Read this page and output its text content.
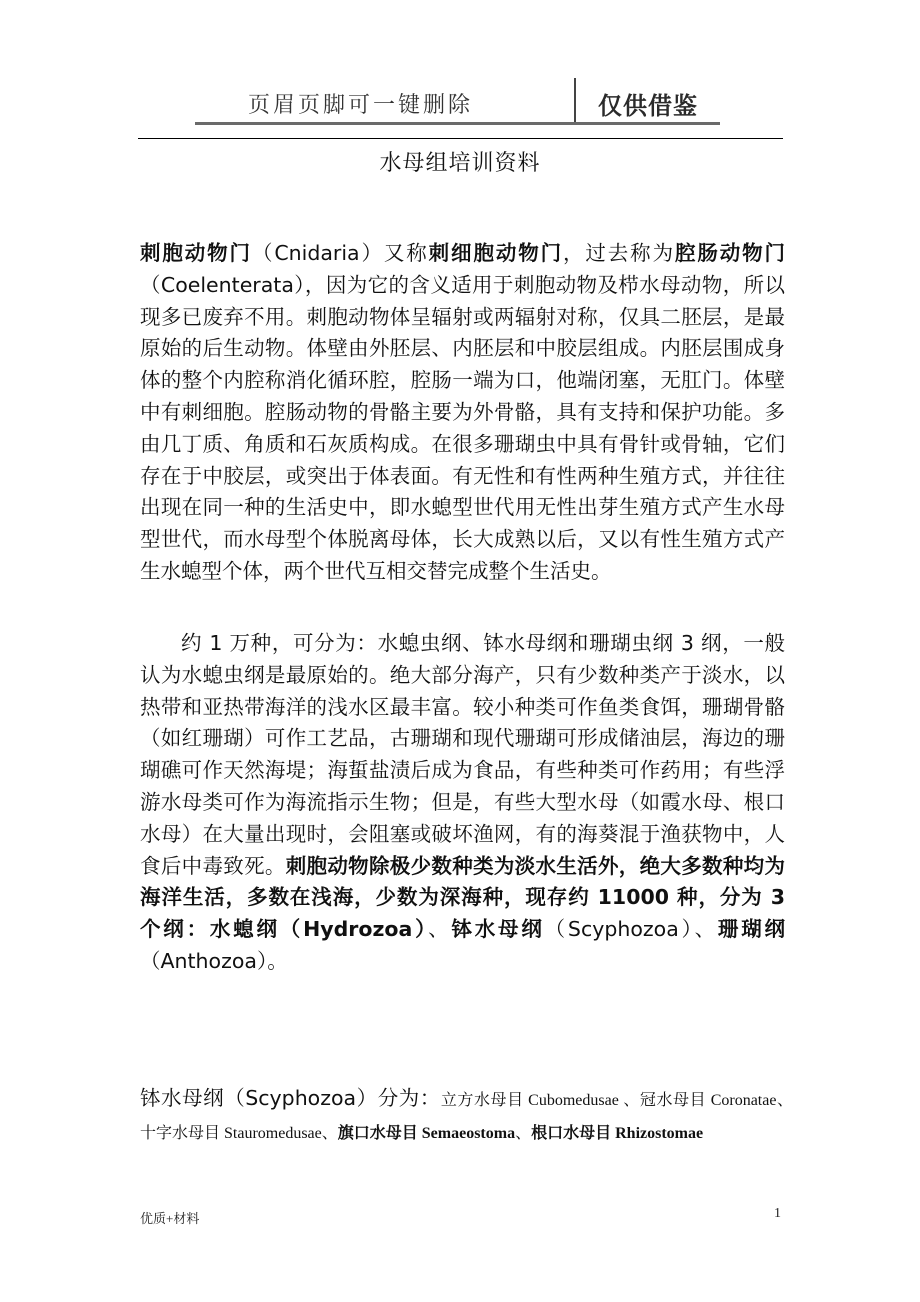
页眉页脚可一键删除	仅供借鉴
水母组培训资料
刺胞动物门（Cnidaria）又称刺细胞动物门，过去称为腔肠动物门（Coelenterata），因为它的含义适用于刺胞动物及栉水母动物，所以现多已废弃不用。刺胞动物体呈辐射或两辐射对称，仅具二胚层，是最原始的后生动物。体壁由外胚层、内胚层和中胶层组成。内胚层围成身体的整个内腔称消化循环腔，腔肠一端为口，他端闭塞，无肛门。体壁中有刺细胞。腔肠动物的骨骼主要为外骨骼，具有支持和保护功能。多由几丁质、角质和石灰质构成。在很多珊瑚虫中具有骨针或骨轴，它们存在于中胶层，或突出于体表面。有无性和有性两种生殖方式，并往往出现在同一种的生活史中，即水螅型世代用无性出芽生殖方式产生水母型世代，而水母型个体脱离母体，长大成熟以后，又以有性生殖方式产生水螅型个体，两个世代互相交替完成整个生活史。
约 1 万种，可分为：水螅虫纲、钵水母纲和珊瑚虫纲 3 纲，一般认为水螅虫纲是最原始的。绝大部分海产，只有少数种类产于淡水，以热带和亚热带海洋的浅水区最丰富。较小种类可作鱼类食饵，珊瑚骨骼（如红珊瑚）可作工艺品，古珊瑚和现代珊瑚可形成储油层，海边的珊瑚礁可作天然海堤；海蜇盐渍后成为食品，有些种类可作药用；有些浮游水母类可作为海流指示生物；但是，有些大型水母（如霞水母、根口水母）在大量出现时，会阻塞或破坏渔网，有的海葵混于渔获物中，人食后中毒致死。刺胞动物除极少数种类为淡水生活外，绝大多数种均为海洋生活，多数在浅海，少数为深海种，现存约 11000 种，分为 3 个纲：水螅纲（Hydrozoa）、钵水母纲（Scyphozoa）、珊瑚纲（Anthozoa）。
钵水母纲（Scyphozoa）分为：立方水母目 Cubomedusae 、冠水母目 Coronatae、　十字水母目 Stauromedusae、旗口水母目 Semaeostoma、根口水母目 Rhizostomae
优质+材料	1
